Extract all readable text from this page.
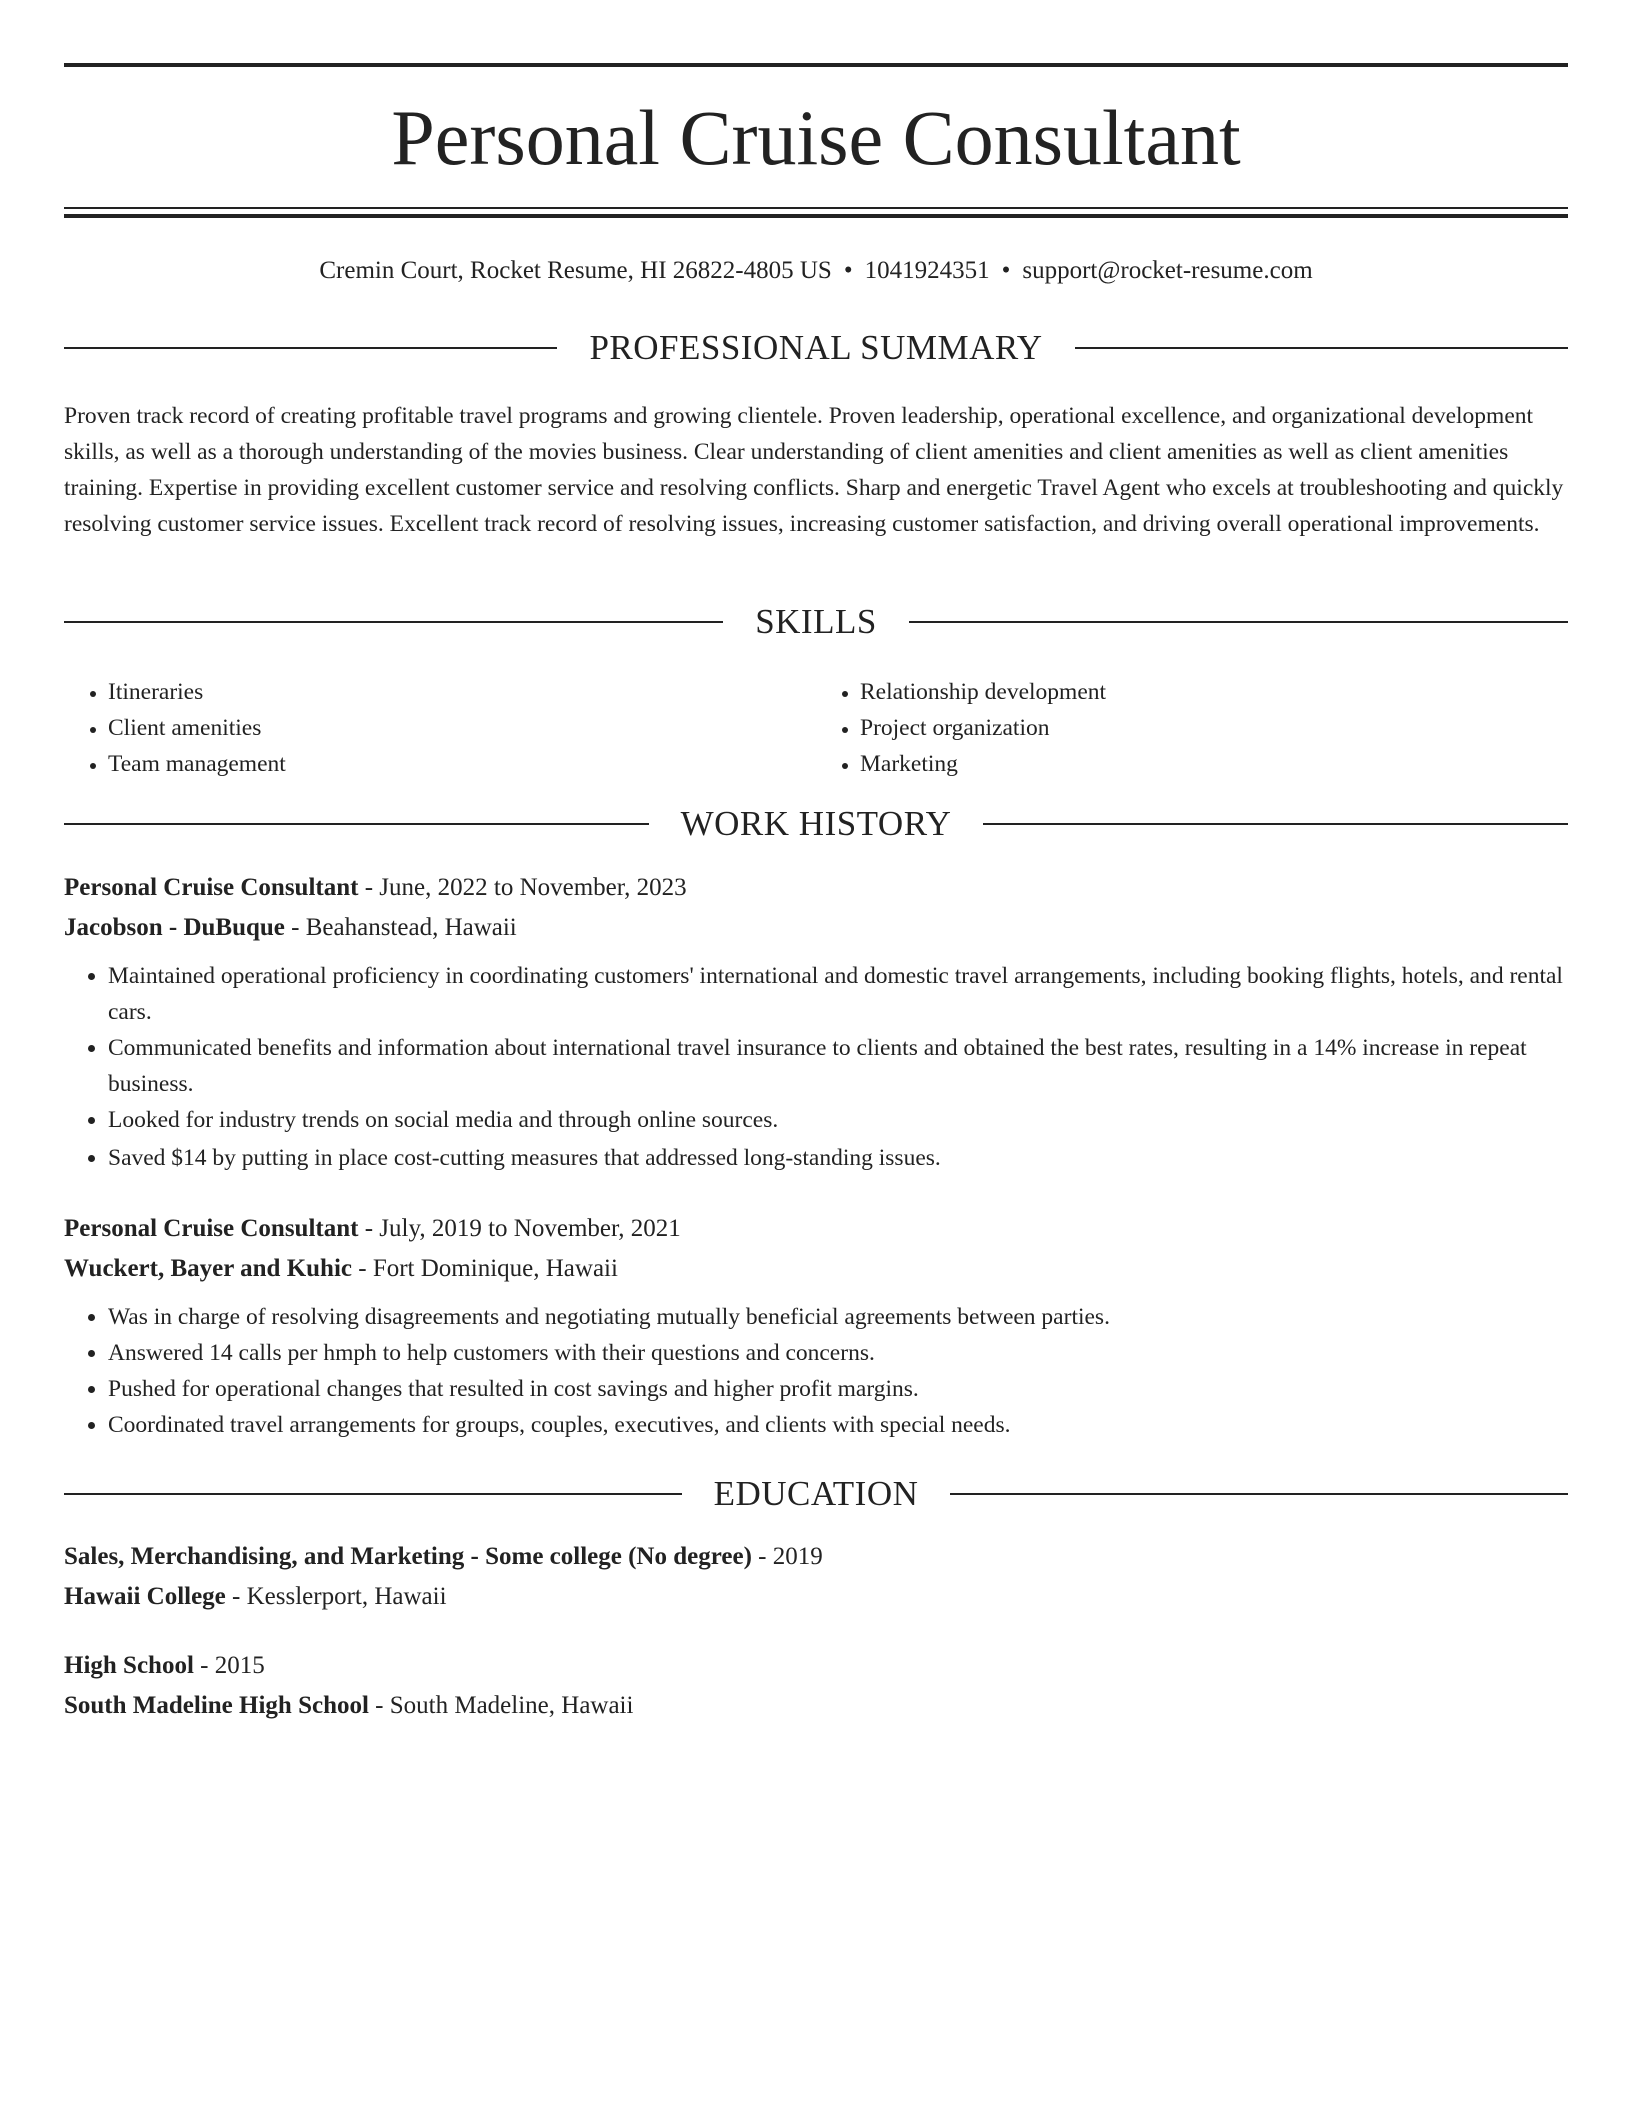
Personal Cruise Consultant
Cremin Court, Rocket Resume, HI 26822-4805 US • 1041924351 • support@rocket-resume.com
PROFESSIONAL SUMMARY

Proven track record of creating profitable travel programs and growing clientele. Proven leadership, operational excellence, and organizational development skills, as well as a thorough understanding of the movies business. Clear understanding of client amenities and client amenities as well as client amenities training. Expertise in providing excellent customer service and resolving conflicts. Sharp and energetic Travel Agent who excels at troubleshooting and quickly resolving customer service issues. Excellent track record of resolving issues, increasing customer satisfaction, and driving overall operational improvements.

SKILLS
• Itineraries
• Client amenities
• Team management
• Relationship development
• Project organization
• Marketing
WORK HISTORY
Personal Cruise Consultant - June, 2022 to November, 2023
Jacobson - DuBuque - Beahanstead, Hawaii
• Maintained operational proficiency in coordinating customers' international and domestic travel arrangements, including booking flights, hotels, and rental cars.
• Communicated benefits and information about international travel insurance to clients and obtained the best rates, resulting in a 14% increase in repeat business.
• Looked for industry trends on social media and through online sources.
• Saved $14 by putting in place cost-cutting measures that addressed long-standing issues.
Personal Cruise Consultant - July, 2019 to November, 2021
Wuckert, Bayer and Kuhic - Fort Dominique, Hawaii
• Was in charge of resolving disagreements and negotiating mutually beneficial agreements between parties.
• Answered 14 calls per hmph to help customers with their questions and concerns.
• Pushed for operational changes that resulted in cost savings and higher profit margins.
• Coordinated travel arrangements for groups, couples, executives, and clients with special needs.
EDUCATION
Sales, Merchandising, and Marketing - Some college (No degree) - 2019
Hawaii College - Kesslerport, Hawaii
High School - 2015
South Madeline High School - South Madeline, Hawaii
